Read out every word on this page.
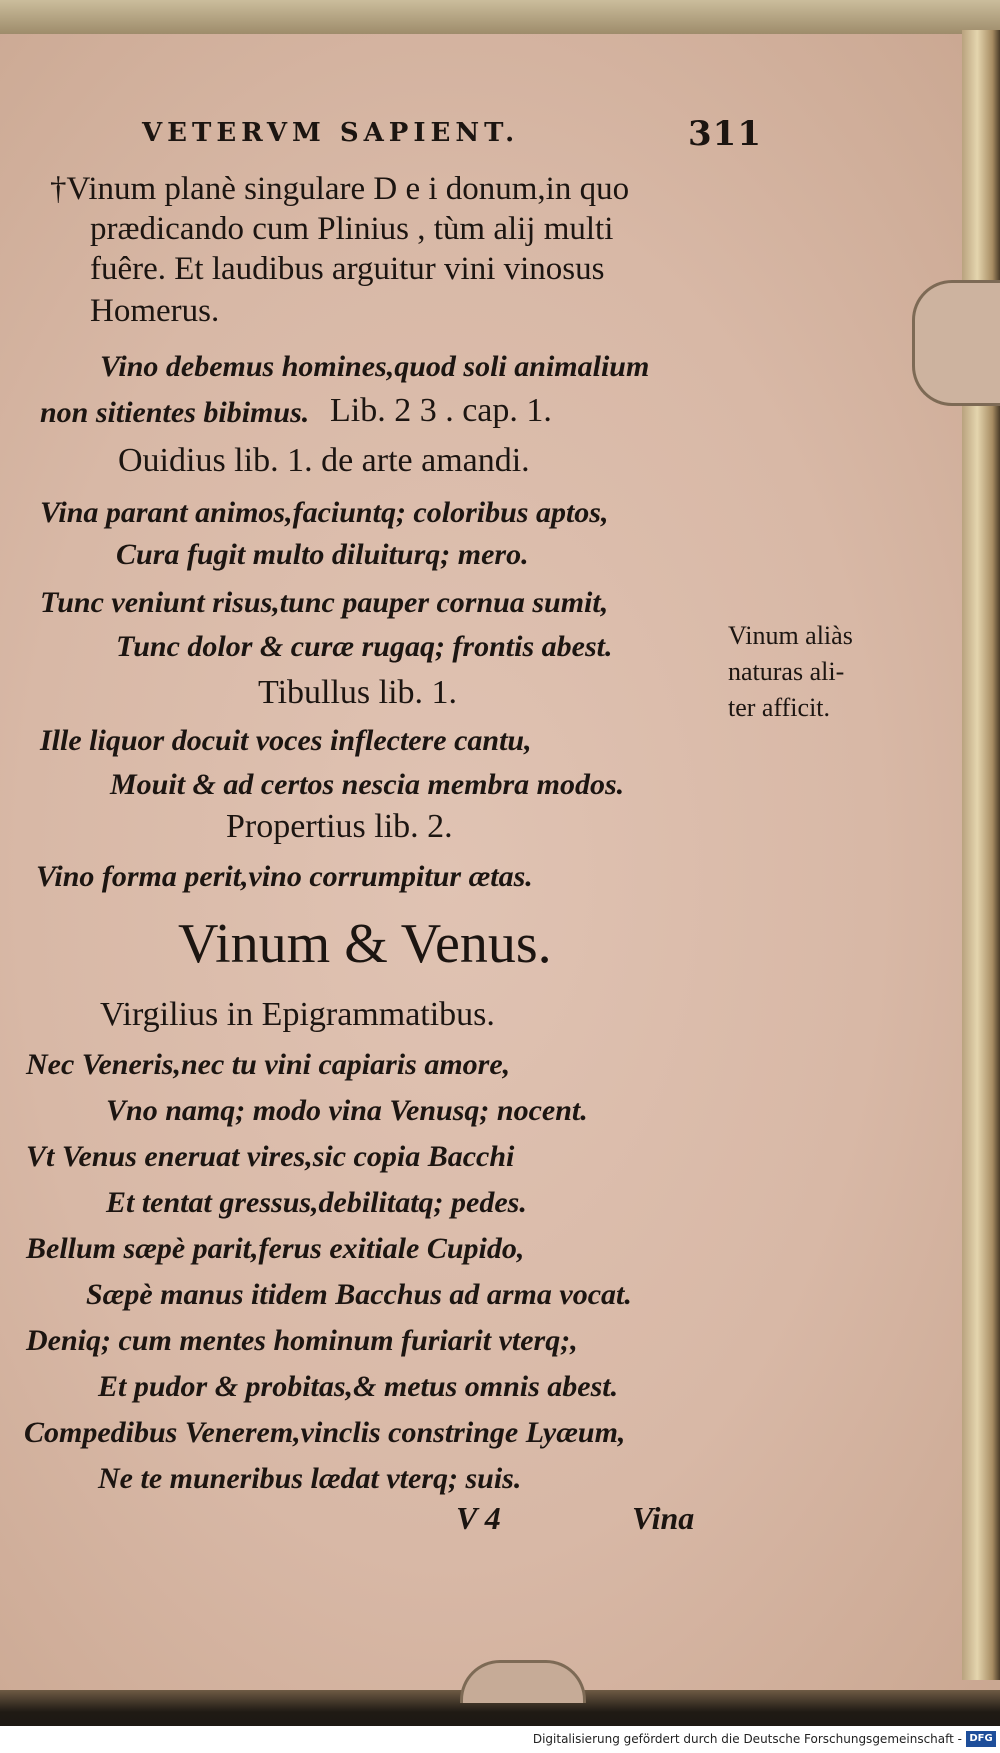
VETERVM SAPIENT.	311
†Vinum planè singulare D e i donum,in quo
prædicando cum Plinius , tùm alij multi
fuêre. Et laudibus arguitur vini vinosus
Homerus.
Vino debemus homines,quod soli animalium
non sitientes bibimus. Lib. 2 3 . cap. 1.
Ouidius lib. 1. de arte amandi.
Vina parant animos,faciuntq; coloribus aptos,
Cura fugit multo diluiturq; mero.
Tunc veniunt risus,tunc pauper cornua sumit,
Tunc dolor & curæ rugaq; frontis abest.	Vinum aliàs
naturas ali-
ter afficit.
Tibullus lib. 1.
Ille liquor docuit voces inflectere cantu,
Mouit & ad certos nescia membra modos.
Propertius lib. 2.
Vino forma perit,vino corrumpitur ætas.
Vinum & Venus.
Virgilius in Epigrammatibus.
Nec Veneris,nec tu vini capiaris amore,
Vno namq; modo vina Venusq; nocent.
Vt Venus eneruat vires,sic copia Bacchi
Et tentat gressus,debilitatq; pedes.
Bellum sæpè parit,ferus exitiale Cupido,
Sæpè manus itidem Bacchus ad arma vocat.
Deniq; cum mentes hominum furiarit vterq;,
Et pudor & probitas,& metus omnis abest.
Compedibus Venerem,vinclis constringe Lyæum,
Ne te muneribus lædat vterq; suis.
V 4	Vina
Digitalisierung gefördert durch die Deutsche Forschungsgemeinschaft - DFG
